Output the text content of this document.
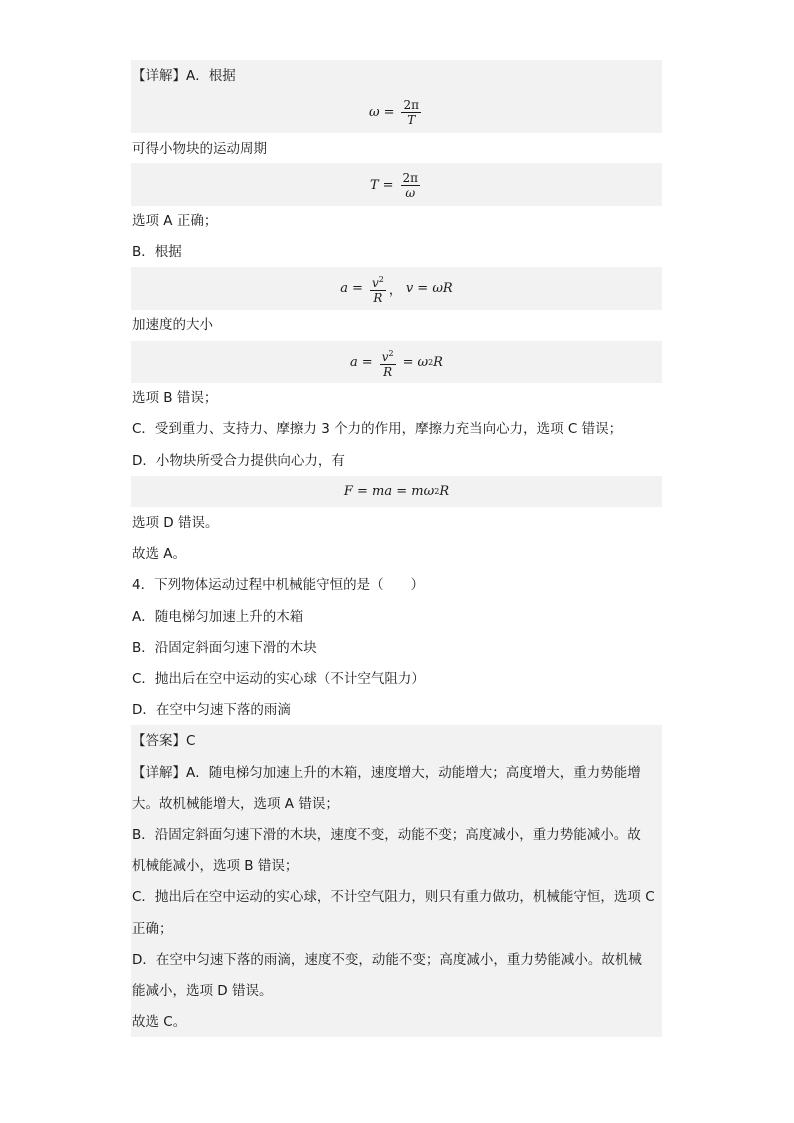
【详解】A．根据
$\omega = \frac{2\pi}{T}$
可得小物块的运动周期
$T = \frac{2\pi}{\omega}$
选项 A 正确；
B．根据
$a = \frac{v^2}{R}$ ， v = ωR
加速度的大小
$a = \frac{v^2}{R} = \omega$ 2 R
选项 B 错误；
C．受到重力、支持力、摩擦力 3 个力的作用，摩擦力充当向心力，选项 C 错误；
D．小物块所受合力提供向心力，有
F = ma = mω 2 R
选项 D 错误。
故选 A。
4．下列物体运动过程中机械能守恒的是（　　）
A．随电梯匀加速上升的木箱
B．沿固定斜面匀速下滑的木块
C．抛出后在空中运动的实心球（不计空气阻力）
D．在空中匀速下落的雨滴
【答案】C
【详解】A．随电梯匀加速上升的木箱，速度增大，动能增大；高度增大，重力势能增
大。故机械能增大，选项 A 错误；
B．沿固定斜面匀速下滑的木块，速度不变，动能不变；高度减小，重力势能减小。故
机械能减小，选项 B 错误；
C．抛出后在空中运动的实心球，不计空气阻力，则只有重力做功，机械能守恒，选项 C
正确；
D．在空中匀速下落的雨滴，速度不变，动能不变；高度减小，重力势能减小。故机械
能减小，选项 D 错误。
故选 C。
